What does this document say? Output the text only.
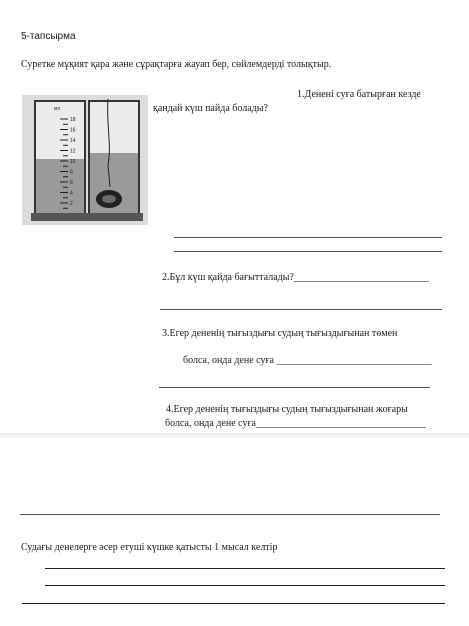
5-тапсырма
Суретке мұқият қара және сұрақтарға жауап бер, сөйлемдерді толықтыр.
мл
18
16
14
12
10
8
6
4
2
1.Денені суға батырған кезде
қандай күш пайда болады?
2.Бұл күш қайда бағытталады?___________________________
3.Егер дененің тығыздығы судың тығыздығынан төмен
болса, онда дене суға _______________________________
4.Егер дененің тығыздығы судың тығыздығынан жоғары
болса, онда дене суға__________________________________
Судағы денелерге әсер етуші күшке қатысты 1 мысал келтір
